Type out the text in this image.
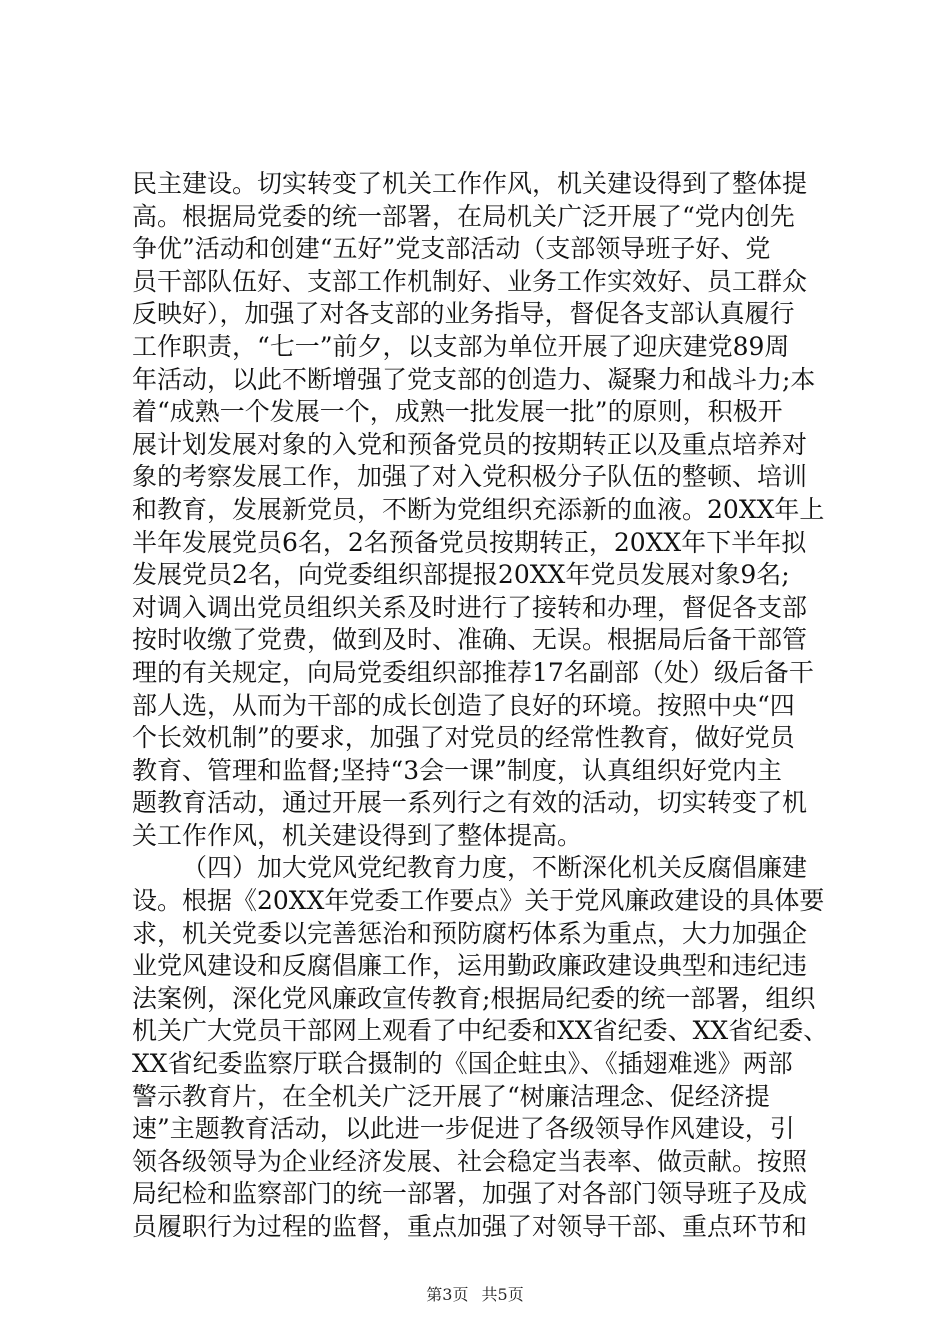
民主建设。切实转变了机关工作作风，机关建设得到了整体提
高。根据局党委的统一部署，在局机关广泛开展了“党内创先
争优”活动和创建“五好”党支部活动（支部领导班子好、党
员干部队伍好、支部工作机制好、业务工作实效好、员工群众
反映好），加强了对各支部的业务指导，督促各支部认真履行
工作职责，“七一”前夕，以支部为单位开展了迎庆建党89周
年活动，以此不断增强了党支部的创造力、凝聚力和战斗力;本
着“成熟一个发展一个，成熟一批发展一批”的原则，积极开
展计划发展对象的入党和预备党员的按期转正以及重点培养对
象的考察发展工作，加强了对入党积极分子队伍的整顿、培训
和教育，发展新党员，不断为党组织充添新的血液。20XX年上
半年发展党员6名，2名预备党员按期转正，20XX年下半年拟
发展党员2名，向党委组织部提报20XX年党员发展对象9名;
对调入调出党员组织关系及时进行了接转和办理，督促各支部
按时收缴了党费，做到及时、准确、无误。根据局后备干部管
理的有关规定，向局党委组织部推荐17名副部（处）级后备干
部人选，从而为干部的成长创造了良好的环境。按照中央“四
个长效机制”的要求，加强了对党员的经常性教育，做好党员
教育、管理和监督;坚持“3会一课”制度，认真组织好党内主
题教育活动，通过开展一系列行之有效的活动，切实转变了机
关工作作风，机关建设得到了整体提高。
（四）加大党风党纪教育力度，不断深化机关反腐倡廉建
设。根据《20XX年党委工作要点》关于党风廉政建设的具体要
求，机关党委以完善惩治和预防腐朽体系为重点，大力加强企
业党风建设和反腐倡廉工作，运用勤政廉政建设典型和违纪违
法案例，深化党风廉政宣传教育;根据局纪委的统一部署，组织
机关广大党员干部网上观看了中纪委和XX省纪委、XX省纪委、
XX省纪委监察厅联合摄制的《国企蛀虫》、《插翅难逃》两部
警示教育片，在全机关广泛开展了“树廉洁理念、促经济提
速”主题教育活动，以此进一步促进了各级领导作风建设，引
领各级领导为企业经济发展、社会稳定当表率、做贡献。按照
局纪检和监察部门的统一部署，加强了对各部门领导班子及成
员履职行为过程的监督，重点加强了对领导干部、重点环节和
第3页 共5页
